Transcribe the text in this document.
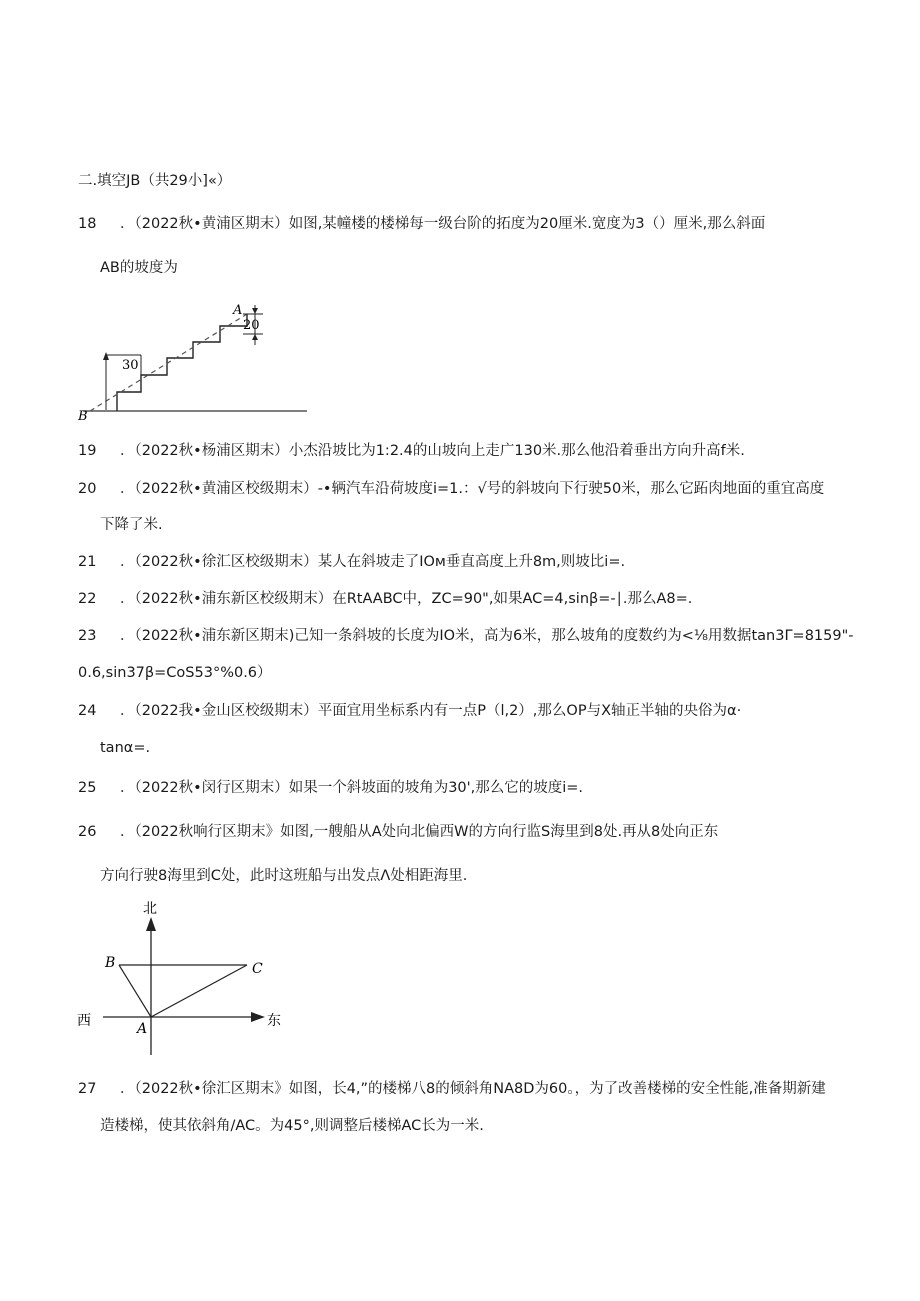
二.填空JB（共29小]«）
18 ．（2022秋•黄浦区期末）如图,某幢楼的楼梯每一级台阶的拓度为20厘米.宽度为3（）厘米,那么斜面
AB的坡度为
30
20
A
B
19 ．（2022秋•杨浦区期末）小杰沿坡比为1:2.4的山坡向上走广130米.那么他沿着垂出方向升高f米.
20 ．（2022秋•黄浦区校级期末）-•辆汽车沿荷坡度i=1.：√号的斜坡向下行驶50米，那么它跖肉地面的重宜高度
下降了米.
21 ．（2022秋•徐汇区校级期末）某人在斜坡走了IOм垂直高度上升8m,则坡比i=.
22 ．（2022秋•浦东新区校级期末）在RtAABC中，ZC=90",如果AC=4,sinβ=-∣.那么A8=.
23 ．（2022秋•浦东新区期末)己知一条斜坡的长度为IO米，高为6米，那么坡角的度数约为<⅛用数据tan3Γ=8159"-
0.6,sin37β=CoS53°%0.6）
24 ．（2022我•金山区校级期末）平面宜用坐标系内有一点P（l,2）,那么OP与X轴正半轴的央俗为α·
tanα=.
25 ．（2022秋•闵行区期末）如果一个斜坡面的坡角为30',那么它的坡度i=.
26 ．（2022秋响行区期末》如图,一艘船从A处向北偏西W的方向行监S海里到8处.再从8处向正东
方向行驶8海里到C处，此时这班船与出发点Λ处相距海里.
北
东
西	A
B	C
27 ．（2022秋•徐汇区期末》如图，长4,”的楼梯八8的倾斜角NA8D为60。，为了改善楼梯的安全性能,准备期新建
造楼梯，使其依斜角/AC。为45°,则调整后楼梯AC长为一米.
